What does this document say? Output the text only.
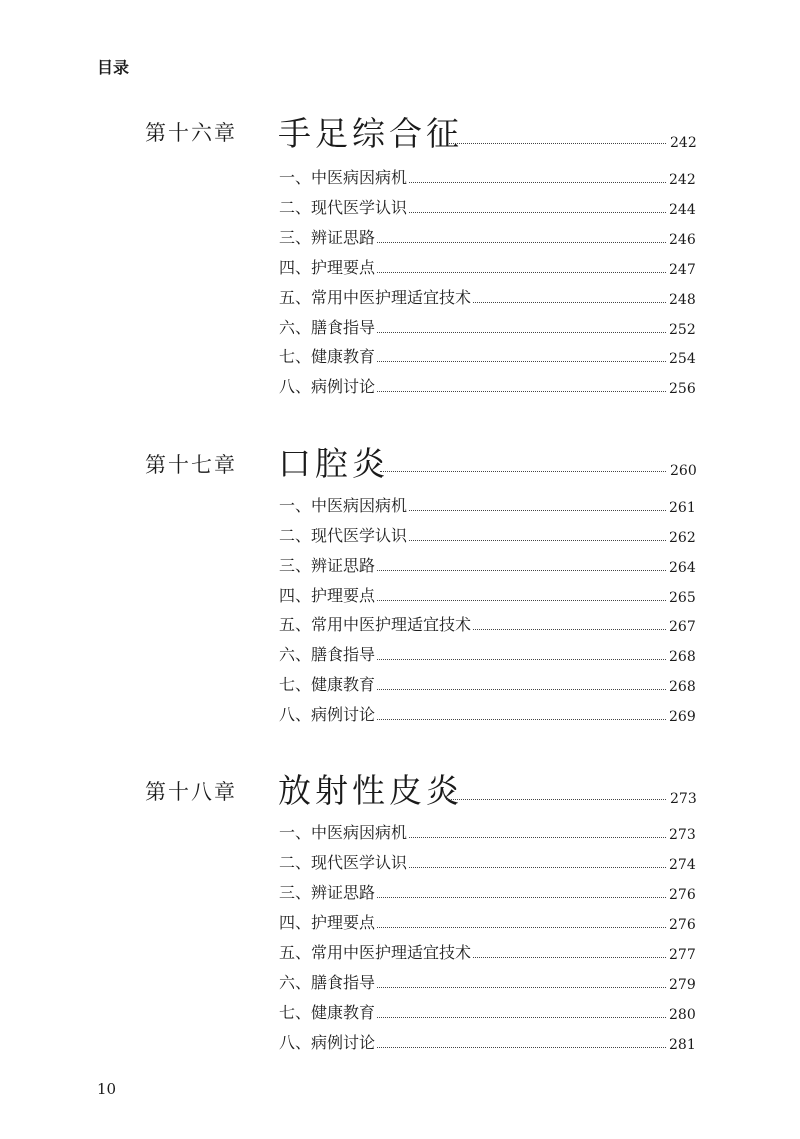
目录
第十六章 手足综合征	242
一、中医病因病机	242
二、现代医学认识	244
三、辨证思路	246
四、护理要点	247
五、常用中医护理适宜技术	248
六、膳食指导	252
七、健康教育	254
八、病例讨论	256
第十七章 口腔炎	260
一、中医病因病机	261
二、现代医学认识	262
三、辨证思路	264
四、护理要点	265
五、常用中医护理适宜技术	267
六、膳食指导	268
七、健康教育	268
八、病例讨论	269
第十八章 放射性皮炎	273
一、中医病因病机	273
二、现代医学认识	274
三、辨证思路	276
四、护理要点	276
五、常用中医护理适宜技术	277
六、膳食指导	279
七、健康教育	280
八、病例讨论	281
10
